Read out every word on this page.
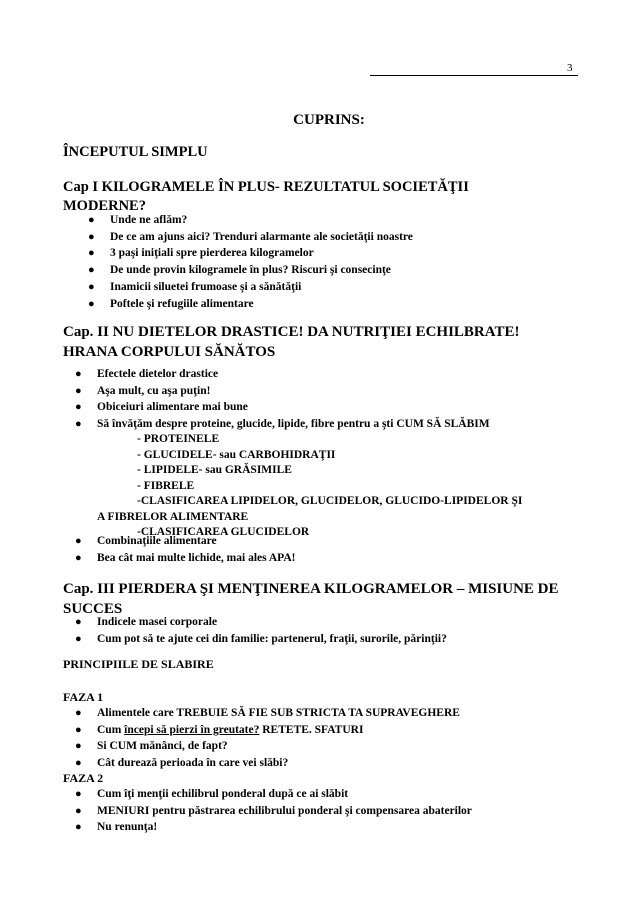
3
CUPRINS:
ÎNCEPUTUL SIMPLU
Cap I KILOGRAMELE ÎN PLUS- REZULTATUL SOCIETĂŢII
MODERNE?
● Unde ne aflăm?
● De ce am ajuns aici? Trenduri alarmante ale societăţii noastre
● 3 paşi iniţiali spre pierderea kilogramelor
● De unde provin kilogramele în plus? Riscuri şi consecinţe
● Inamicii siluetei frumoase şi a sănătăţii
● Poftele şi refugiile alimentare
Cap. II NU DIETELOR DRASTICE! DA NUTRIŢIEI ECHILBRATE!
HRANA CORPULUI SĂNĂTOS
● Efectele dietelor drastice
● Aşa mult, cu aşa puţin!
● Obiceiuri alimentare mai bune
● Să învăţăm despre proteine, glucide, lipide, fibre pentru a şti CUM SĂ SLĂBIM
- PROTEINELE
- GLUCIDELE- sau CARBOHIDRAŢII
- LIPIDELE- sau GRĂSIMILE
- FIBRELE
-CLASIFICAREA LIPIDELOR, GLUCIDELOR, GLUCIDO-LIPIDELOR ŞI
A FIBRELOR ALIMENTARE
-CLASIFICAREA GLUCIDELOR
● Combinaţiile alimentare
● Bea cât mai multe lichide, mai ales APA!
Cap. III PIERDERA ŞI MENŢINEREA KILOGRAMELOR – MISIUNE DE
SUCCES
● Indicele masei corporale
● Cum pot să te ajute cei din familie: partenerul, fraţii, surorile, părinţii?
PRINCIPIILE DE SLABIRE
FAZA 1
● Alimentele care TREBUIE SĂ FIE SUB STRICTA TA SUPRAVEGHERE
● Cum începi să pierzi în greutate? RETETE. SFATURI
● Si CUM mănânci, de fapt?
● Cât durează perioada în care vei slăbi?
FAZA 2
● Cum îţi menţii echilibrul ponderal după ce ai slăbit
● MENIURI pentru păstrarea echilibrului ponderal şi compensarea abaterilor
● Nu renunţa!
